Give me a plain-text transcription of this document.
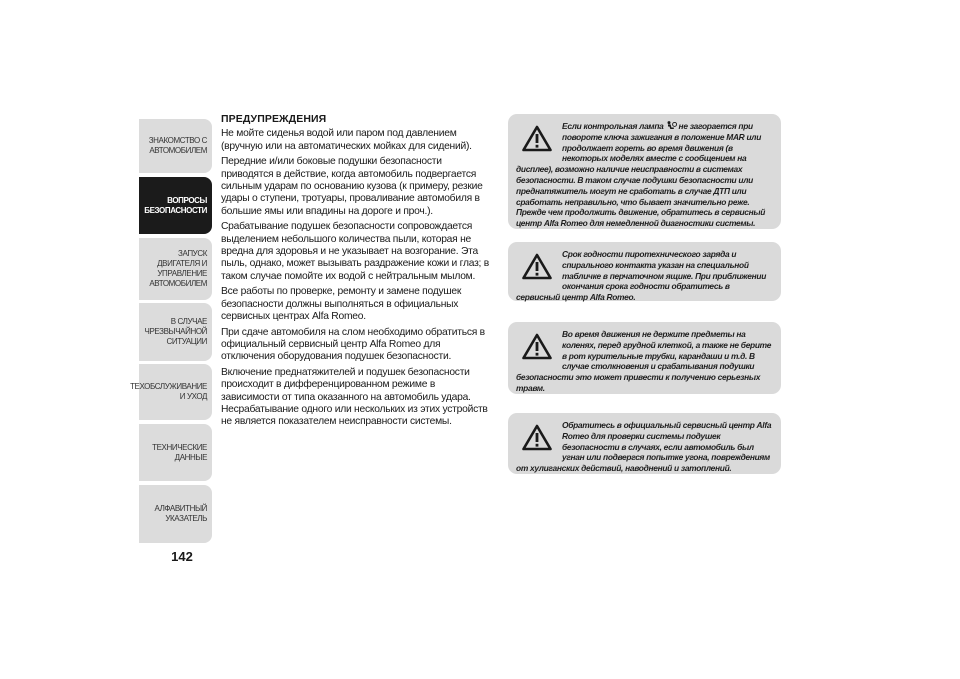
ЗНАКОМСТВО С
АВТОМОБИЛЕМ
ВОПРОСЫ
БЕЗОПАСНОСТИ
ЗАПУСК ДВИГАТЕЛЯ И
УПРАВЛЕНИЕ
АВТОМОБИЛЕМ
В СЛУЧАЕ
ЧРЕЗВЫЧАЙНОЙ
СИТУАЦИИ
ТЕХОБСЛУЖИВАНИЕ
И УХОД
ТЕХНИЧЕСКИЕ
ДАННЫЕ
АЛФАВИТНЫЙ
УКАЗАТЕЛЬ
142
ПРЕДУПРЕЖДЕНИЯ

Не мойте сиденья водой или паром под давлением (вручную или на автоматических мойках для сидений).

Передние и/или боковые подушки безопасности приводятся в действие, когда автомобиль подвергается сильным ударам по основанию кузова (к примеру, резкие удары о ступени, тротуары, проваливание автомобиля в большие ямы или впадины на дороге и проч.).

Срабатывание подушек безопасности сопровождается выделением небольшого количества пыли, которая не вредна для здоровья и не указывает на возгорание. Эта пыль, однако, может вызывать раздражение кожи и глаз; в таком случае помойте их водой с нейтральным мылом.

Все работы по проверке, ремонту и замене подушек безопасности должны выполняться в официальных сервисных центрах Alfa Romeo.

При сдаче автомобиля на слом необходимо обратиться в официальный сервисный центр Alfa Romeo для отключения оборудования подушек безопасности.

Включение преднатяжителей и подушек безопасности происходит в дифференцированном режиме в зависимости от типа оказанного на автомобиль удара. Несрабатывание одного или нескольких из этих устройств не является показателем неисправности системы.

Если контрольная лампа  не загорается при повороте ключа зажигания в положение MAR или продолжает гореть во время движения (в некоторых моделях вместе с сообщением на дисплее), возможно наличие неисправности в системах безопасности. В таком случае подушки безопасности или преднатяжитель могут не сработать в случае ДТП или сработать неправильно, что бывает значительно реже. Прежде чем продолжить движение, обратитесь в сервисный центр Alfa Romeo для немедленной диагностики системы.
Срок годности пиротехнического заряда и спирального контакта указан на специальной табличке в перчаточном ящике. При приближении окончания срока годности обратитесь в сервисный центр Alfa Romeo.
Во время движения не держите предметы на коленях, перед грудной клеткой, а также не берите в рот курительные трубки, карандаши и т.д. В случае столкновения и срабатывания подушки безопасности это может привести к получению серьезных травм.
Обратитесь в официальный сервисный центр Alfa Romeo для проверки системы подушек безопасности в случаях, если автомобиль был угнан или подвергся попытке угона, повреждениям от хулиганских действий, наводнений и затоплений.
